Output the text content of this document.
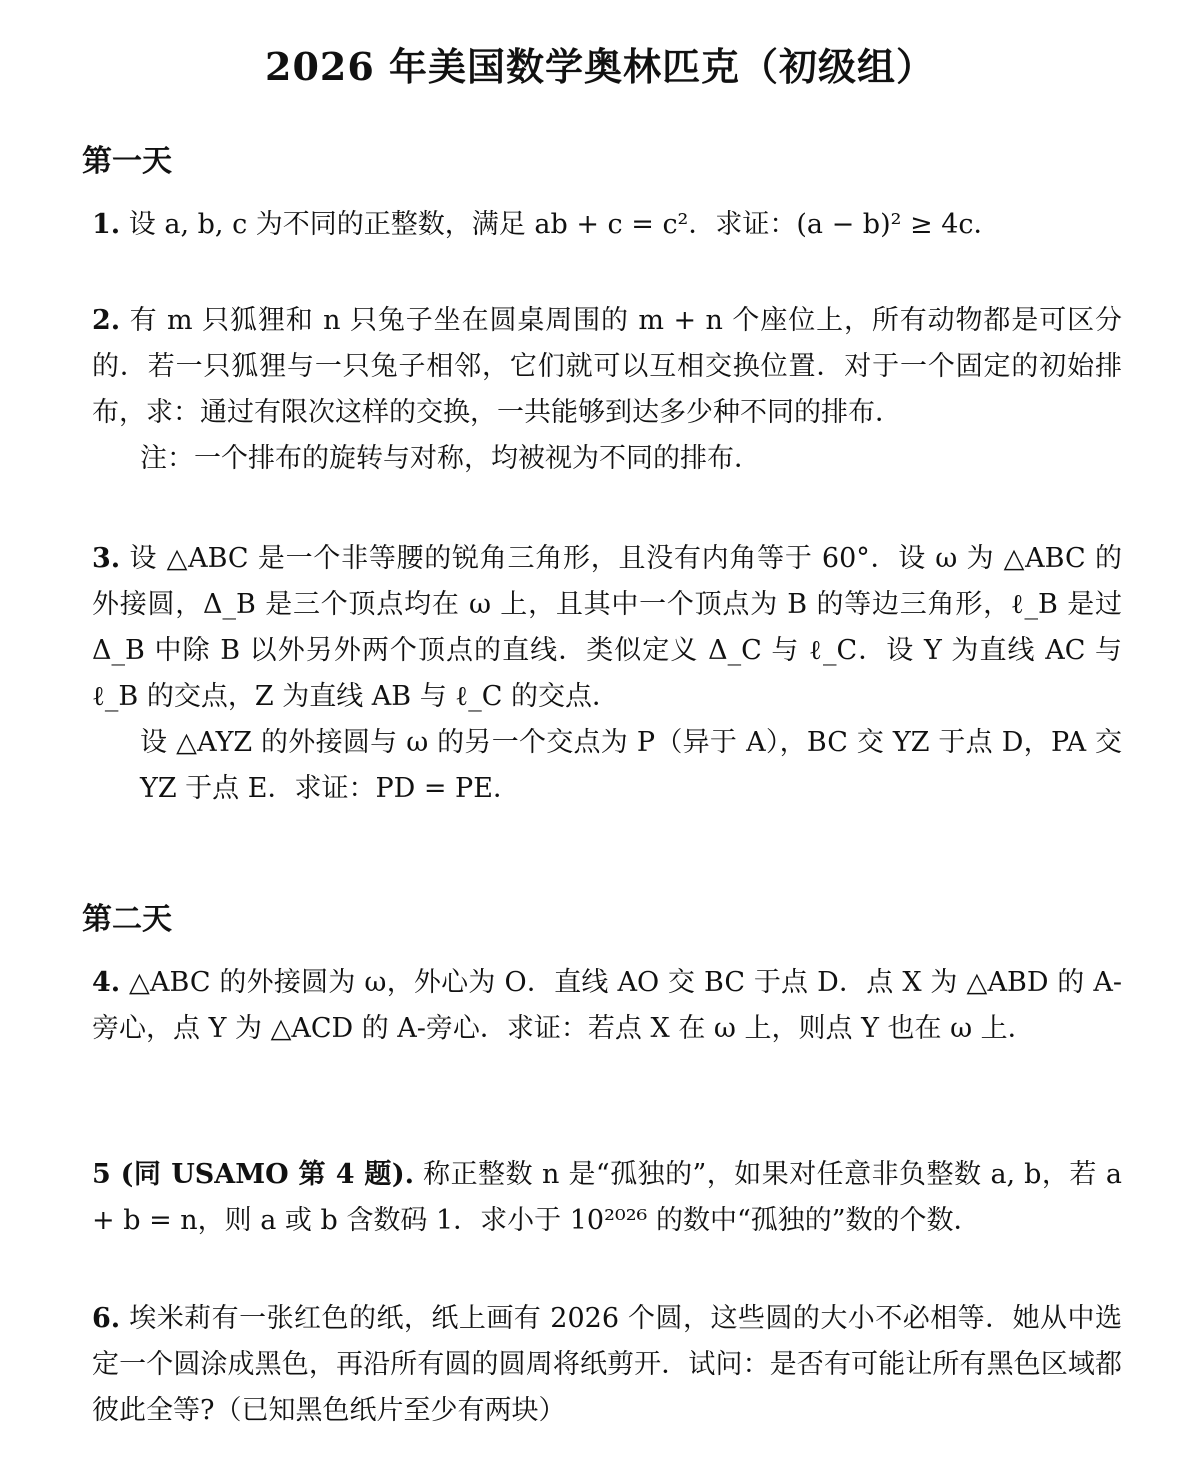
2026 年美国数学奥林匹克（初级组）
第一天

1. 设 a, b, c 为不同的正整数，满足 ab + c = c²．求证：(a − b)² ≥ 4c．

2. 有 m 只狐狸和 n 只兔子坐在圆桌周围的 m + n 个座位上，所有动物都是可区分的．若一只狐狸与一只兔子相邻，它们就可以互相交换位置．对于一个固定的初始排布，求：通过有限次这样的交换，一共能够到达多少种不同的排布．

注：一个排布的旋转与对称，均被视为不同的排布．

3. 设 △ABC 是一个非等腰的锐角三角形，且没有内角等于 60°．设 ω 为 △ABC 的外接圆，Δ_B 是三个顶点均在 ω 上，且其中一个顶点为 B 的等边三角形，ℓ_B 是过 Δ_B 中除 B 以外另外两个顶点的直线．类似定义 Δ_C 与 ℓ_C．设 Y 为直线 AC 与 ℓ_B 的交点，Z 为直线 AB 与 ℓ_C 的交点．

设 △AYZ 的外接圆与 ω 的另一个交点为 P（异于 A），BC 交 YZ 于点 D，PA 交 YZ 于点 E．求证：PD = PE．

第二天

4. △ABC 的外接圆为 ω，外心为 O．直线 AO 交 BC 于点 D．点 X 为 △ABD 的 A-旁心，点 Y 为 △ACD 的 A-旁心．求证：若点 X 在 ω 上，则点 Y 也在 ω 上．

5 (同 USAMO 第 4 题). 称正整数 n 是“孤独的”，如果对任意非负整数 a, b，若 a + b = n，则 a 或 b 含数码 1．求小于 10²⁰²⁶ 的数中“孤独的”数的个数．

6. 埃米莉有一张红色的纸，纸上画有 2026 个圆，这些圆的大小不必相等．她从中选定一个圆涂成黑色，再沿所有圆的圆周将纸剪开．试问：是否有可能让所有黑色区域都彼此全等?（已知黑色纸片至少有两块）
